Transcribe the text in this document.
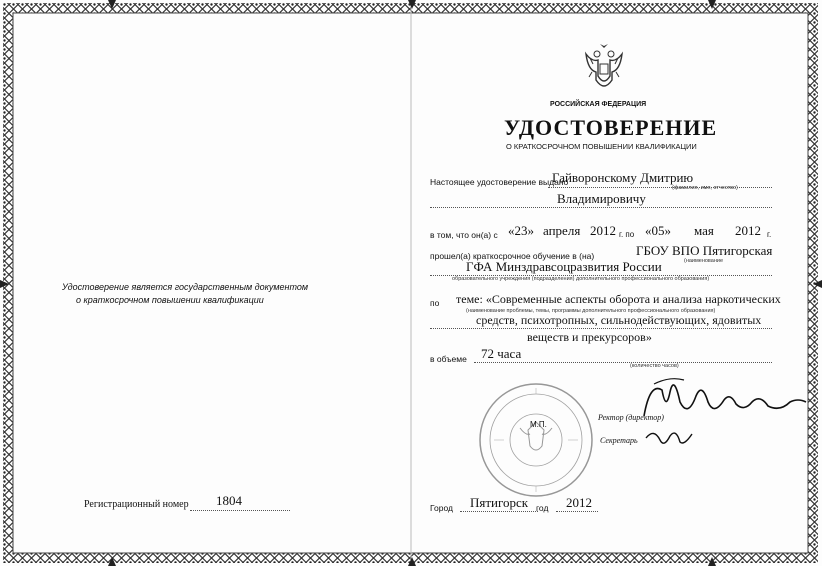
Удостоверение является государственным документом
о краткосрочном повышении квалификации
Регистрационный номер 1804
РОССИЙСКАЯ ФЕДЕРАЦИЯ
УДОСТОВЕРЕНИЕ
О КРАТКОСРОЧНОМ ПОВЫШЕНИИ КВАЛИФИКАЦИИ
Настоящее удостоверение выдано
Гайворонскому Дмитрию
(фамилия, имя, отчество)
Владимировичу
в том, что он(а) с «23» апреля 2012 г. по «05» мая 2012 г.
прошел(а) краткосрочное обучение в (на)	ГБОУ ВПО Пятигорская
(наименование
ГФА Минздравсоцразвития России
образовательного учреждения (подразделения) дополнительного профессионального образования)
по теме: «Современные аспекты оборота и анализа наркотических
(наименование проблемы, темы, программы дополнительного профессионального образования)
средств, психотропных, сильнодействующих, ядовитых
веществ и прекурсоров»
в объеме 72 часа
(количество часов)
М.П.
Ректор (директор)
Секретарь
Город Пятигорск год 2012
